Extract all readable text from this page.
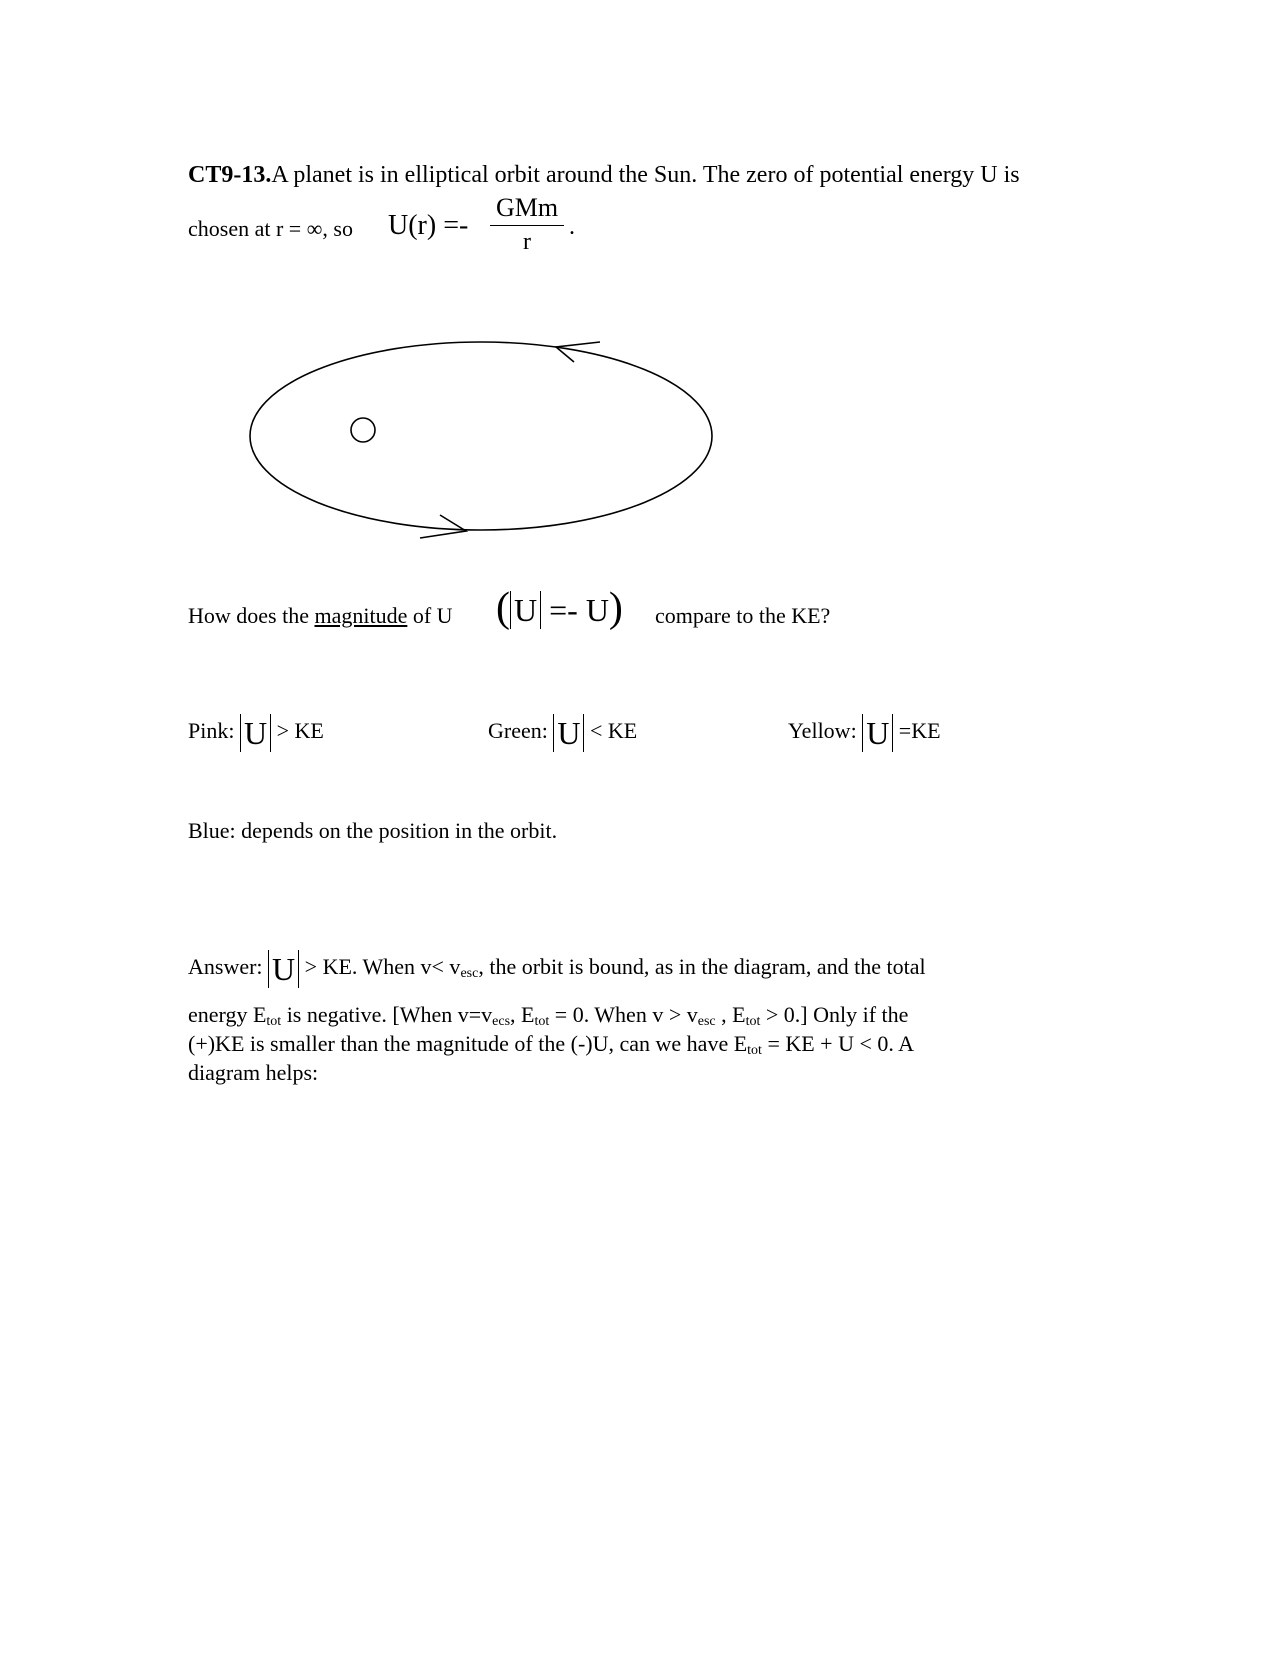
CT9-13.A planet is in elliptical orbit around the Sun. The zero of potential energy U is
chosen at r = ∞, so U(r) =-
GMm
r
.
How does the magnitude of U ( U =- U) compare to the KE?
Pink: U > KE	Green: U < KE	Yellow: U =KE
Blue: depends on the position in the orbit.
Answer: U > KE. When $v< v_{esc}$, the orbit is bound, as in the diagram, and the total
energy $E_{tot}$ is negative. [When $v=v_{ecs}$, $E_{tot} = 0$. When $v > v_{esc}$ , $E_{tot} > 0$.] Only if the
(+)KE is smaller than the magnitude of the (-)U, can we have $E_{tot}$ = KE + U < 0. A
diagram helps:
